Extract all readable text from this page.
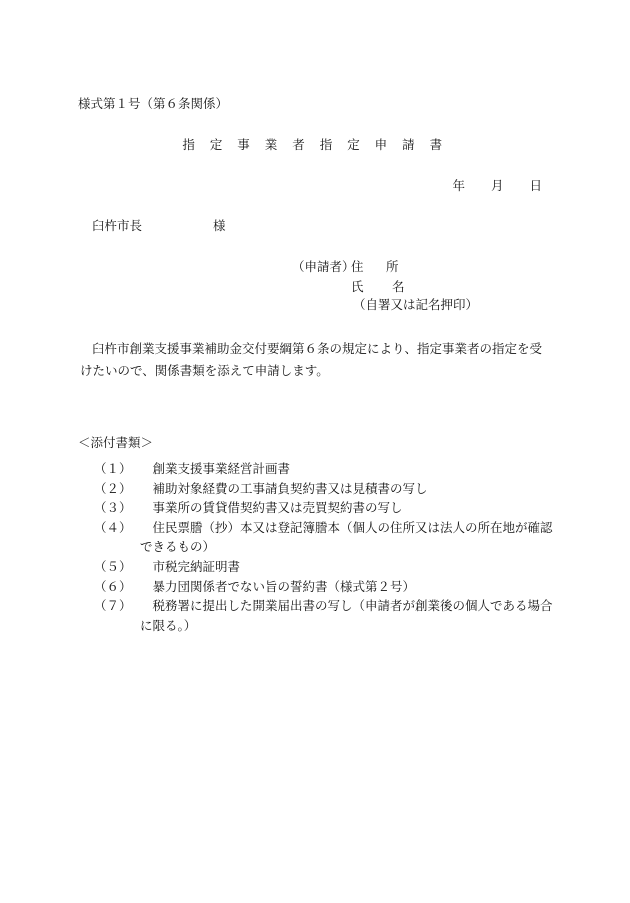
様式第１号（第６条関係）
指 定 事 業 者 指 定 申 請 書
年 月 日
臼杵市長	様
（申請者）
住　所
氏　名
（自署又は記名押印）
臼杵市創業支援事業補助金交付要綱第６条の規定により、指定事業者の指定を受けたいので、関係書類を添えて申請します。
＜添付書類＞
（１） 　創業支援事業経営計画書
（２） 　補助対象経費の工事請負契約書又は見積書の写し
（３） 　事業所の賃貸借契約書又は売買契約書の写し
（４） 　住民票謄（抄）本又は登記簿謄本（個人の住所又は法人の所在地が確認できるもの）
（５） 　市税完納証明書
（６） 　暴力団関係者でない旨の誓約書（様式第２号）
（７） 　税務署に提出した開業届出書の写し（申請者が創業後の個人である場合に限る。）
